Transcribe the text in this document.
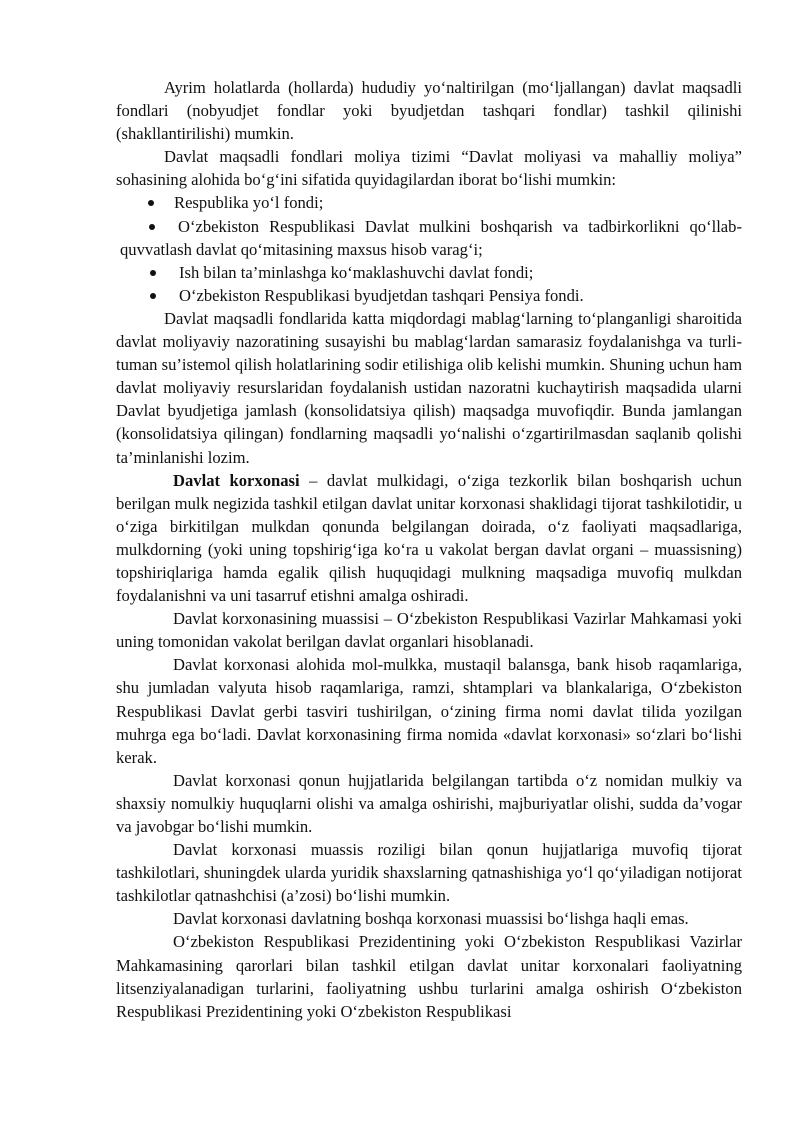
Ayrim holatlarda (hollarda) hududiy yo‘naltirilgan (mo‘ljallangan) davlat maqsadli fondlari (nobyudjet fondlar yoki byudjetdan tashqari fondlar) tashkil qilinishi (shakllantirilishi) mumkin.

Davlat maqsadli fondlari moliya tizimi “Davlat moliyasi va mahalliy moliya” sohasining alohida bo‘g‘ini sifatida quyidagilardan iborat bo‘lishi mumkin:

Respublika yo‘l fondi;
O‘zbekiston Respublikasi Davlat mulkini boshqarish va tadbirkorlikni qo‘llab-quvvatlash davlat qo‘mitasining maxsus hisob varag‘i;
Ish bilan ta’minlashga ko‘maklashuvchi davlat fondi;
O‘zbekiston Respublikasi byudjetdan tashqari Pensiya fondi.

Davlat maqsadli fondlarida katta miqdordagi mablag‘larning to‘planganligi sharoitida davlat moliyaviy nazoratining susayishi bu mablag‘lardan samarasiz foydalanishga va turli-tuman su’istemol qilish holatlarining sodir etilishiga olib kelishi mumkin. Shuning uchun ham davlat moliyaviy resurslaridan foydalanish ustidan nazoratni kuchaytirish maqsadida ularni Davlat byudjetiga jamlash (konsolidatsiya qilish) maqsadga muvofiqdir. Bunda jamlangan (konsolidatsiya qilingan) fondlarning maqsadli yo‘nalishi o‘zgartirilmasdan saqlanib qolishi ta’minlanishi lozim.

Davlat korxonasi – davlat mulkidagi, o‘ziga tezkorlik bilan boshqarish uchun berilgan mulk negizida tashkil etilgan davlat unitar korxonasi shaklidagi tijorat tashkilotidir, u o‘ziga birkitilgan mulkdan qonunda belgilangan doirada, o‘z faoliyati maqsadlariga, mulkdorning (yoki uning topshirig‘iga ko‘ra u vakolat bergan davlat organi – muassisning) topshiriqlariga hamda egalik qilish huquqidagi mulkning maqsadiga muvofiq mulkdan foydalanishni va uni tasarruf etishni amalga oshiradi.

Davlat korxonasining muassisi – O‘zbekiston Respublikasi Vazirlar Mahkamasi yoki uning tomonidan vakolat berilgan davlat organlari hisoblanadi.

Davlat korxonasi alohida mol-mulkka, mustaqil balansga, bank hisob raqamlariga, shu jumladan valyuta hisob raqamlariga, ramzi, shtamplari va blankalariga, O‘zbekiston Respublikasi Davlat gerbi tasviri tushirilgan, o‘zining firma nomi davlat tilida yozilgan muhrga ega bo‘ladi. Davlat korxonasining firma nomida «davlat korxonasi» so‘zlari bo‘lishi kerak.

Davlat korxonasi qonun hujjatlarida belgilangan tartibda o‘z nomidan mulkiy va shaxsiy nomulkiy huquqlarni olishi va amalga oshirishi, majburiyatlar olishi, sudda da’vogar va javobgar bo‘lishi mumkin.

Davlat korxonasi muassis roziligi bilan qonun hujjatlariga muvofiq tijorat tashkilotlari, shuningdek ularda yuridik shaxslarning qatnashishiga yo‘l qo‘yiladigan notijorat tashkilotlar qatnashchisi (a’zosi) bo‘lishi mumkin.

Davlat korxonasi davlatning boshqa korxonasi muassisi bo‘lishga haqli emas.

O‘zbekiston Respublikasi Prezidentining yoki O‘zbekiston Respublikasi Vazirlar Mahkamasining qarorlari bilan tashkil etilgan davlat unitar korxonalari faoliyatning litsenziyalanadigan turlarini, faoliyatning ushbu turlarini amalga oshirish O‘zbekiston Respublikasi Prezidentining yoki O‘zbekiston Respublikasi
